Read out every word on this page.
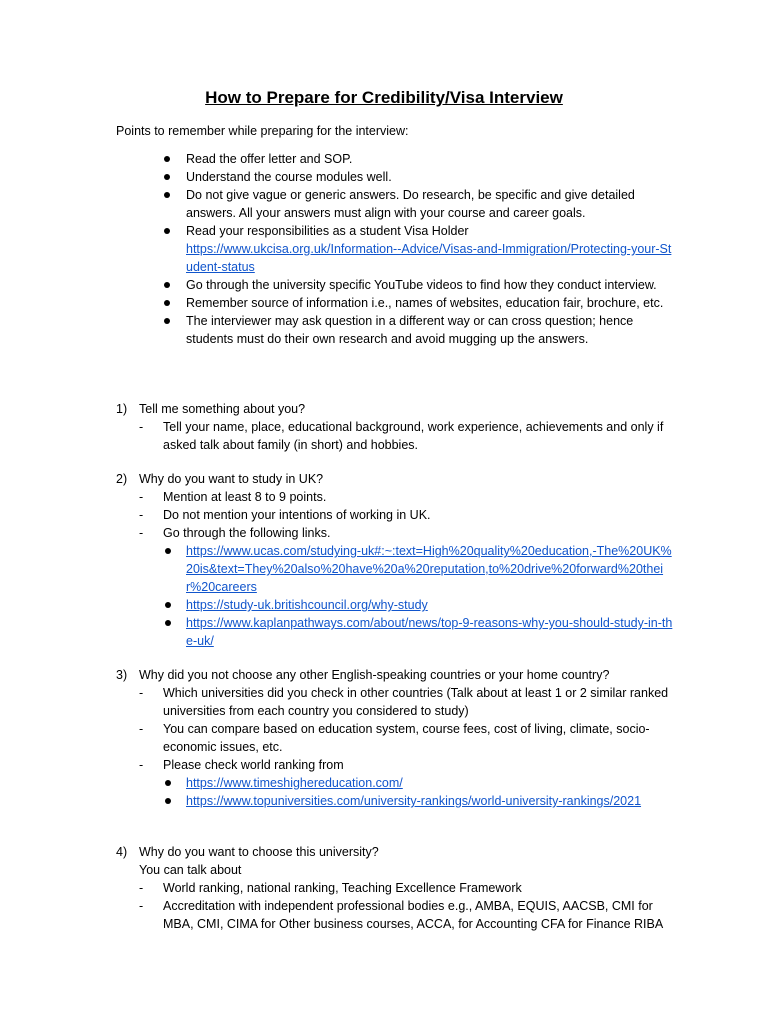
How to Prepare for Credibility/Visa Interview
Points to remember while preparing for the interview:
Read the offer letter and SOP.
Understand the course modules well.
Do not give vague or generic answers. Do research, be specific and give detailed answers. All your answers must align with your course and career goals.
Read your responsibilities as a student Visa Holder
https://www.ukcisa.org.uk/Information--Advice/Visas-and-Immigration/Protecting-your-Student-status
Go through the university specific YouTube videos to find how they conduct interview.
Remember source of information i.e., names of websites, education fair, brochure, etc.
The interviewer may ask question in a different way or can cross question; hence students must do their own research and avoid mugging up the answers.
1) Tell me something about you?
- Tell your name, place, educational background, work experience, achievements and only if asked talk about family (in short) and hobbies.
2) Why do you want to study in UK?
- Mention at least 8 to 9 points.
- Do not mention your intentions of working in UK.
- Go through the following links.
https://www.ucas.com/studying-uk#:~:text=High%20quality%20education,-The%20UK%20is&text=They%20also%20have%20a%20reputation,to%20drive%20forward%20their%20careers
https://study-uk.britishcouncil.org/why-study
https://www.kaplanpathways.com/about/news/top-9-reasons-why-you-should-study-in-the-uk/
3) Why did you not choose any other English-speaking countries or your home country?
- Which universities did you check in other countries (Talk about at least 1 or 2 similar ranked universities from each country you considered to study)
- You can compare based on education system, course fees, cost of living, climate, socio-economic issues, etc.
- Please check world ranking from
https://www.timeshighereducation.com/
https://www.topuniversities.com/university-rankings/world-university-rankings/2021
4) Why do you want to choose this university?
You can talk about
- World ranking, national ranking, Teaching Excellence Framework
- Accreditation with independent professional bodies e.g., AMBA, EQUIS, AACSB, CMI for MBA, CMI, CIMA for Other business courses, ACCA, for Accounting CFA for Finance RIBA
